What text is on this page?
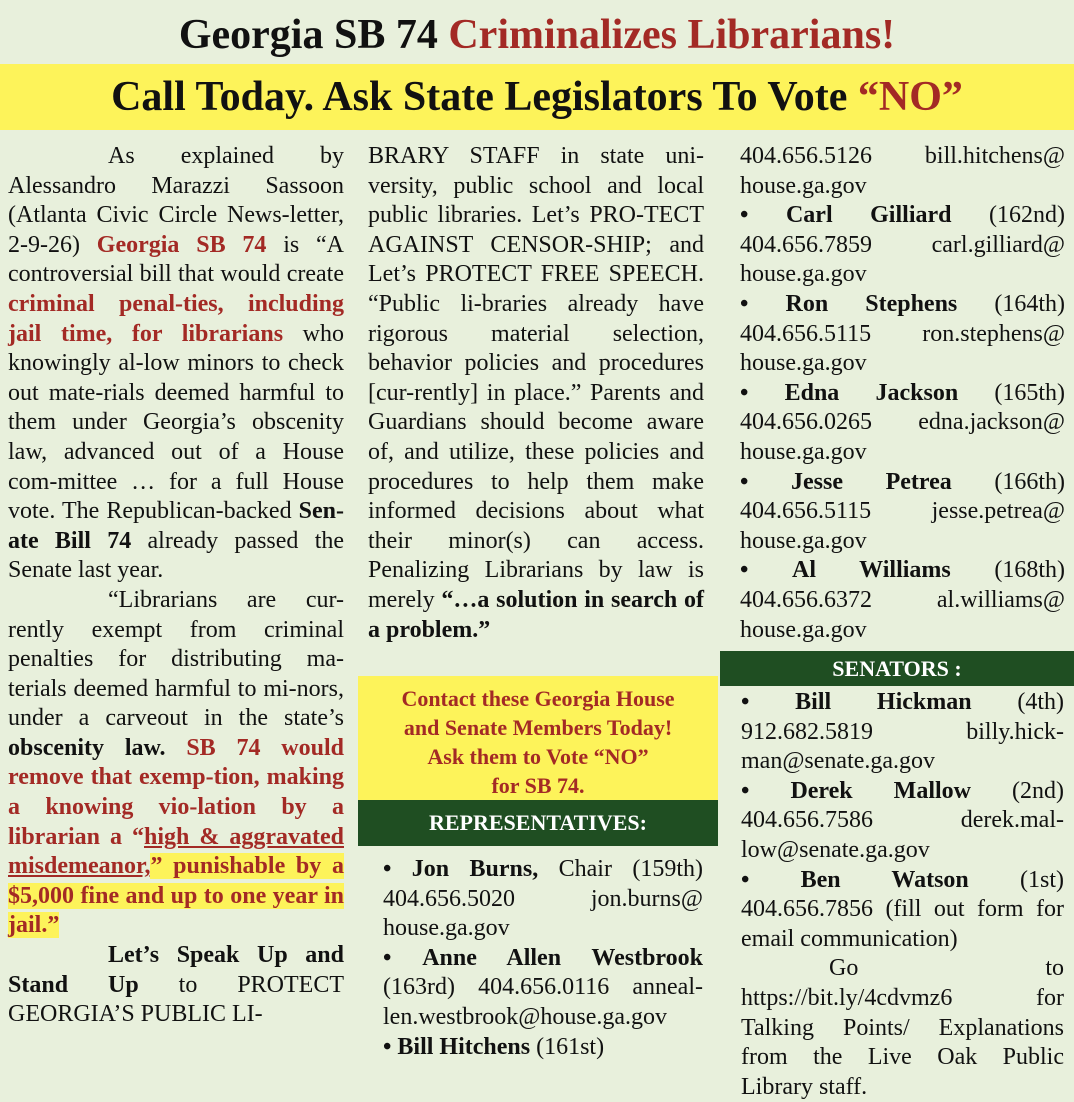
Georgia SB 74 Criminalizes Librarians!
Call Today. Ask State Legislators To Vote “NO”

As explained by Alessandro Marazzi Sassoon (Atlanta Civic Circle News-letter, 2-9-26) Georgia SB 74 is “A controversial bill that would create criminal penal-ties, including jail time, for librarians who knowingly al-low minors to check out mate-rials deemed harmful to them under Georgia’s obscenity law, advanced out of a House com-mittee … for a full House vote. The Republican-backed Sen-ate Bill 74 already passed the Senate last year.

“Librarians are cur-rently exempt from criminal penalties for distributing ma-terials deemed harmful to mi-nors, under a carveout in the state’s obscenity law. SB 74 would remove that exemp-tion, making a knowing vio-lation by a librarian a “high & aggravated misdemeanor,” punishable by a $5,000 fine and up to one year in jail.”

Let’s Speak Up and Stand Up to PROTECT GEORGIA’S PUBLIC LI-

BRARY STAFF in state uni-versity, public school and local public libraries. Let’s PRO-TECT AGAINST CENSOR-SHIP; and Let’s PROTECT FREE SPEECH. “Public li-braries already have rigorous material selection, behavior policies and procedures [cur-rently] in place.” Parents and Guardians should become aware of, and utilize, these policies and procedures to help them make informed decisions about what their minor(s) can access. Penalizing Librarians by law is merely “…a solution in search of a problem.”

Contact these Georgia House
and Senate Members Today!
Ask them to Vote “NO”
for SB 74.
REPRESENTATIVES:

• Jon Burns, Chair (159th) 404.656.5020	jon.burns@ house.ga.gov

• Anne Allen Westbrook (163rd) 404.656.0116 anneal-len.westbrook@house.ga.gov

• Bill Hitchens (161st)

404.656.5126 bill.hitchens@ house.ga.gov

• Carl Gilliard (162nd) 404.656.7859 carl.gilliard@ house.ga.gov

• Ron Stephens (164th) 404.656.5115 ron.stephens@ house.ga.gov

• Edna Jackson (165th) 404.656.0265 edna.jackson@ house.ga.gov

• Jesse Petrea (166th) 404.656.5115	jesse.petrea@ house.ga.gov

• Al Williams (168th) 404.656.6372	al.williams@ house.ga.gov

SENATORS :

• Bill Hickman (4th) 912.682.5819	billy.hick-man@senate.ga.gov

• Derek Mallow (2nd) 404.656.7586	derek.mal-low@senate.ga.gov

• Ben Watson (1st) 404.656.7856 (fill out form for email communication)

Go to https://bit.ly/4cdvmz6 for Talking Points/ Explanations from the Live Oak Public Library staff.
